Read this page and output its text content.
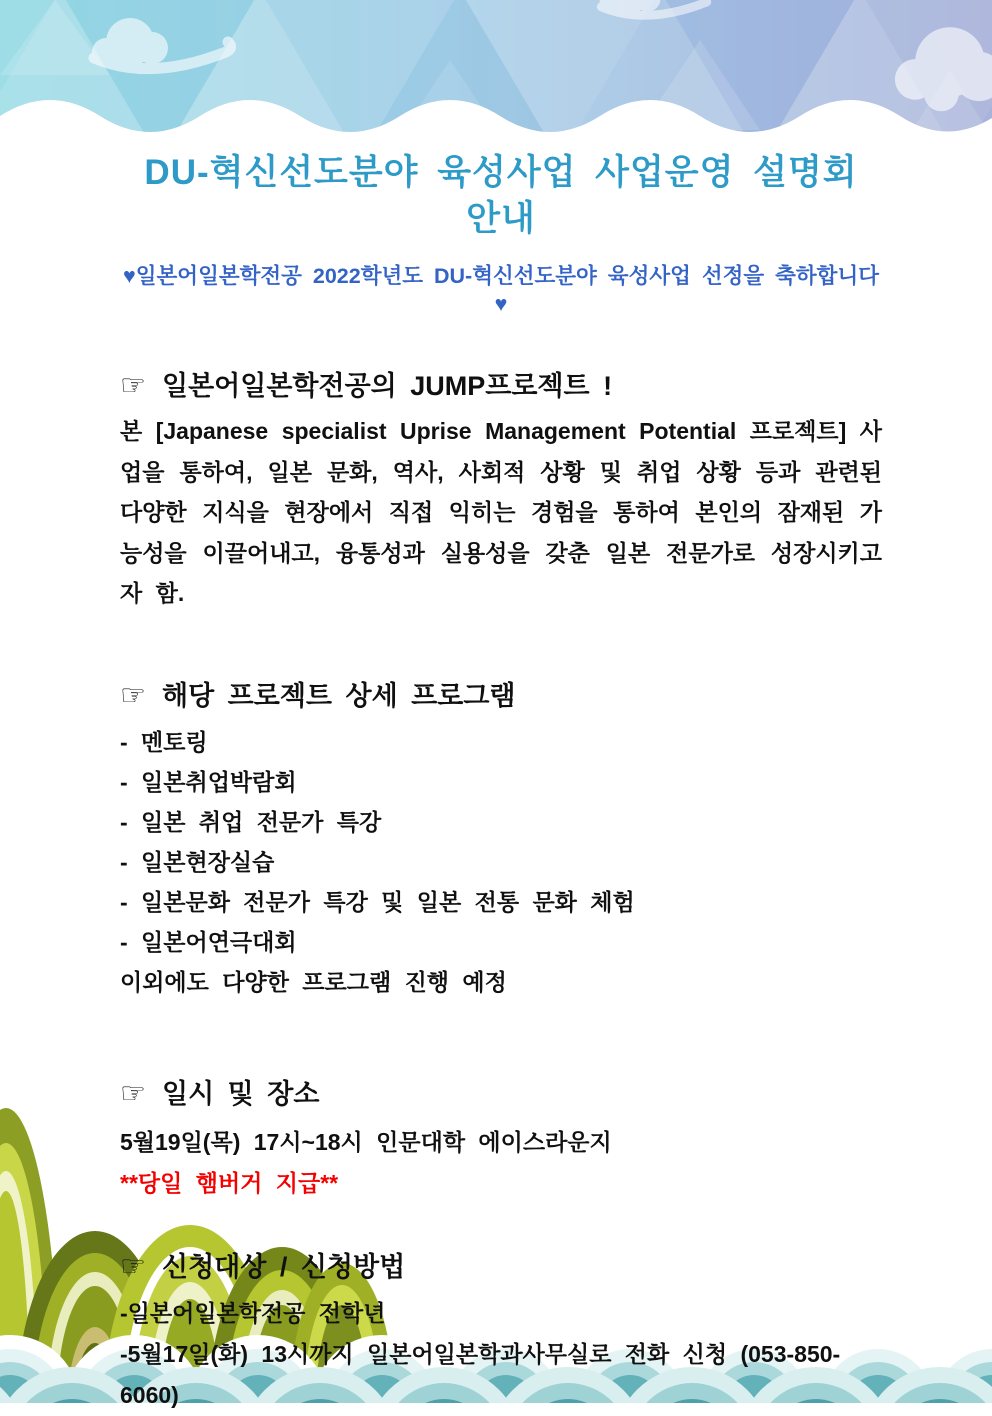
DU-혁신선도분야 육성사업 사업운영 설명회 안내
♥일본어일본학전공 2022학년도 DU-혁신선도분야 육성사업 선정을 축하합니다♥
☞ 일본어일본학전공의 JUMP프로젝트 !
본 [Japanese specialist Uprise Management Potential 프로젝트] 사업을 통하여, 일본 문화, 역사, 사회적 상황 및 취업 상황 등과 관련된 다양한 지식을 현장에서 직접 익히는 경험을 통하여 본인의 잠재된 가능성을 이끌어내고, 융통성과 실용성을 갖춘 일본 전문가로 성장시키고자 함.
☞ 해당 프로젝트 상세 프로그램
- 멘토링
- 일본취업박람회
- 일본 취업 전문가 특강
- 일본현장실습
- 일본문화 전문가 특강 및 일본 전통 문화 체험
- 일본어연극대회
이외에도 다양한 프로그램 진행 예정
☞ 일시 및 장소
5월19일(목) 17시~18시 인문대학 에이스라운지
**당일 햄버거 지급**
☞ 신청대상 / 신청방법
-일본어일본학전공 전학년
-5월17일(화) 13시까지 일본어일본학과사무실로 전화 신청 (053-850-6060)
